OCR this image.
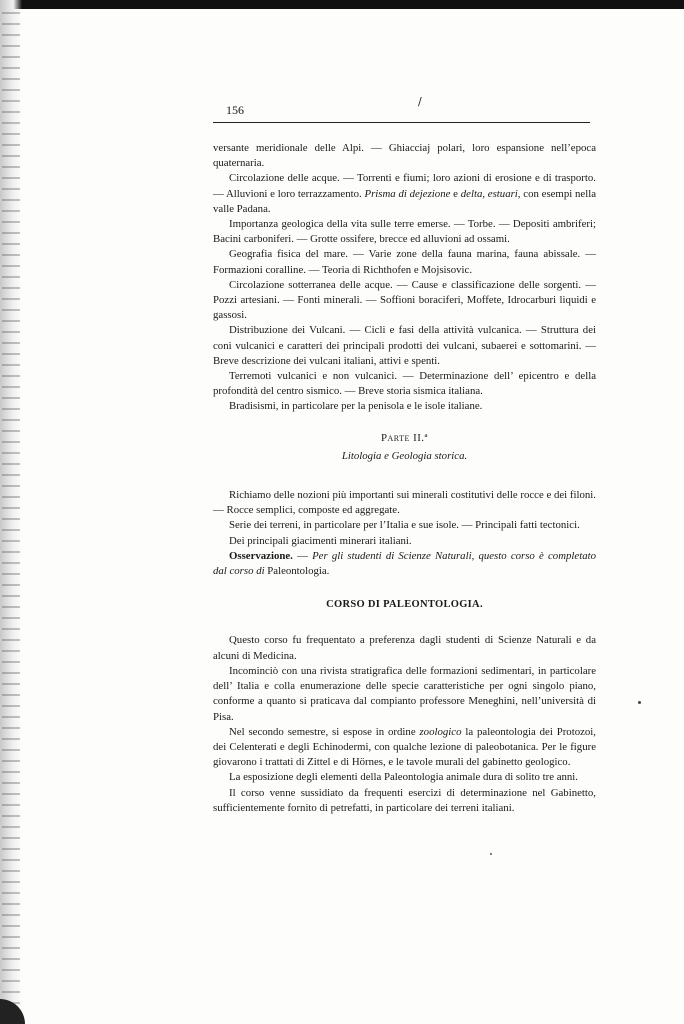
156
/

versante meridionale delle Alpi. — Ghiacciaj polari, loro espansione nell’epoca quaternaria.

Circolazione delle acque. — Torrenti e fiumi; loro azioni di erosione e di trasporto. — Alluvioni e loro terrazzamento. Prisma di dejezione e delta, estuari, con esempi nella valle Padana.

Importanza geologica della vita sulle terre emerse. — Torbe. — Depositi ambriferi; Bacini carboniferi. — Grotte ossifere, brecce ed alluvioni ad ossami.

Geografia fisica del mare. — Varie zone della fauna marina, fauna abissale. — Formazioni coralline. — Teoria di Richthofen e Mojsisovic.

Circolazione sotterranea delle acque. — Cause e classificazione delle sorgenti. — Pozzi artesiani. — Fonti minerali. — Soffioni boraciferi, Moffete, Idrocarburi liquidi e gassosi.

Distribuzione dei Vulcani. — Cicli e fasi della attività vulcanica. — Struttura dei coni vulcanici e caratteri dei principali prodotti dei vulcani, subaerei e sottomarini. — Breve descrizione dei vulcani italiani, attivi e spenti.

Terremoti vulcanici e non vulcanici. — Determinazione dell’ epicentro e della profondità del centro sismico. — Breve storia sismica italiana.

Bradisismi, in particolare per la penisola e le isole italiane.

Parte II.ª
Litologia e Geologia storica.

Richiamo delle nozioni più importanti sui minerali costitutivi delle rocce e dei filoni. — Rocce semplici, composte ed aggregate.

Serie dei terreni, in particolare per l’Italia e sue isole. — Principali fatti tectonici.

Dei principali giacimenti minerari italiani.

Osservazione. — Per gli studenti di Scienze Naturali, questo corso è completato dal corso di Paleontologia.

CORSO DI PALEONTOLOGIA.

Questo corso fu frequentato a preferenza dagli studenti di Scienze Naturali e da alcuni di Medicina.

Incominciò con una rivista stratigrafica delle formazioni sedimentari, in particolare dell’ Italia e colla enumerazione delle specie caratteristiche per ogni singolo piano, conforme a quanto si praticava dal compianto professore Meneghini, nell’università di Pisa.

Nel secondo semestre, si espose in ordine zoologico la paleontologia dei Protozoi, dei Celenterati e degli Echinodermi, con qualche lezione di paleobotanica. Per le figure giovarono i trattati di Zittel e di Hörnes, e le tavole murali del gabinetto geologico.

La esposizione degli elementi della Paleontologia animale dura di solito tre anni.

Il corso venne sussidiato da frequenti esercizi di determinazione nel Gabinetto, sufficientemente fornito di petrefatti, in particolare dei terreni italiani.
